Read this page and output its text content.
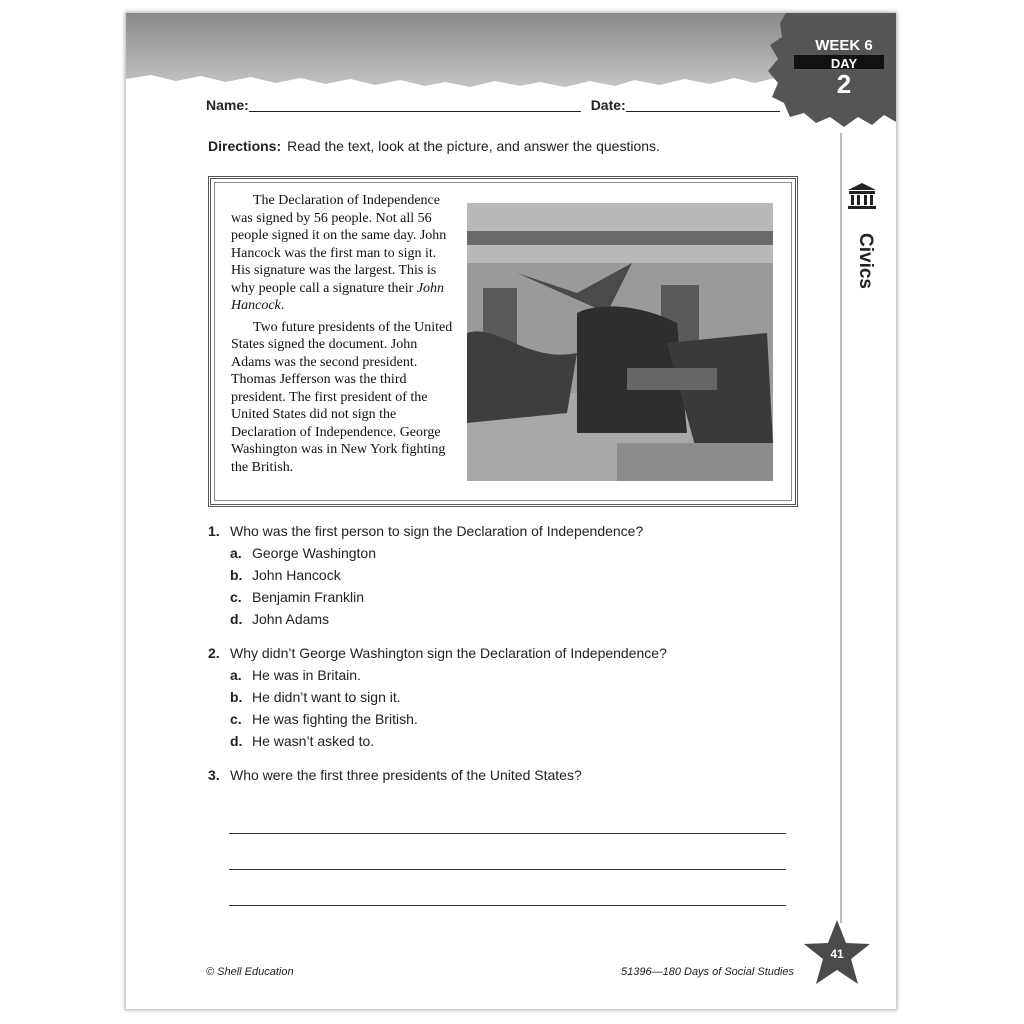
WEEK 6
DAY
2
Name:	Date:
Directions: Read the text, look at the picture, and answer the questions.

The Declaration of Independence was signed by 56 people. Not all 56 people signed it on the same day. John Hancock was the first man to sign it. His signature was the largest. This is why people call a signature their John Hancock.

Two future presidents of the United States signed the document. John Adams was the second president. Thomas Jefferson was the third president. The first president of the United States did not sign the Declaration of Independence. George Washington was in New York fighting the British.

1. Who was the first person to sign the Declaration of Independence?
a. George Washington
b. John Hancock
c. Benjamin Franklin
d. John Adams
2. Why didn’t George Washington sign the Declaration of Independence?
a. He was in Britain.
b. He didn’t want to sign it.
c. He was fighting the British.
d. He wasn’t asked to.
3. Who were the first three presidents of the United States?
Civics
© Shell Education	51396—180 Days of Social Studies
41
